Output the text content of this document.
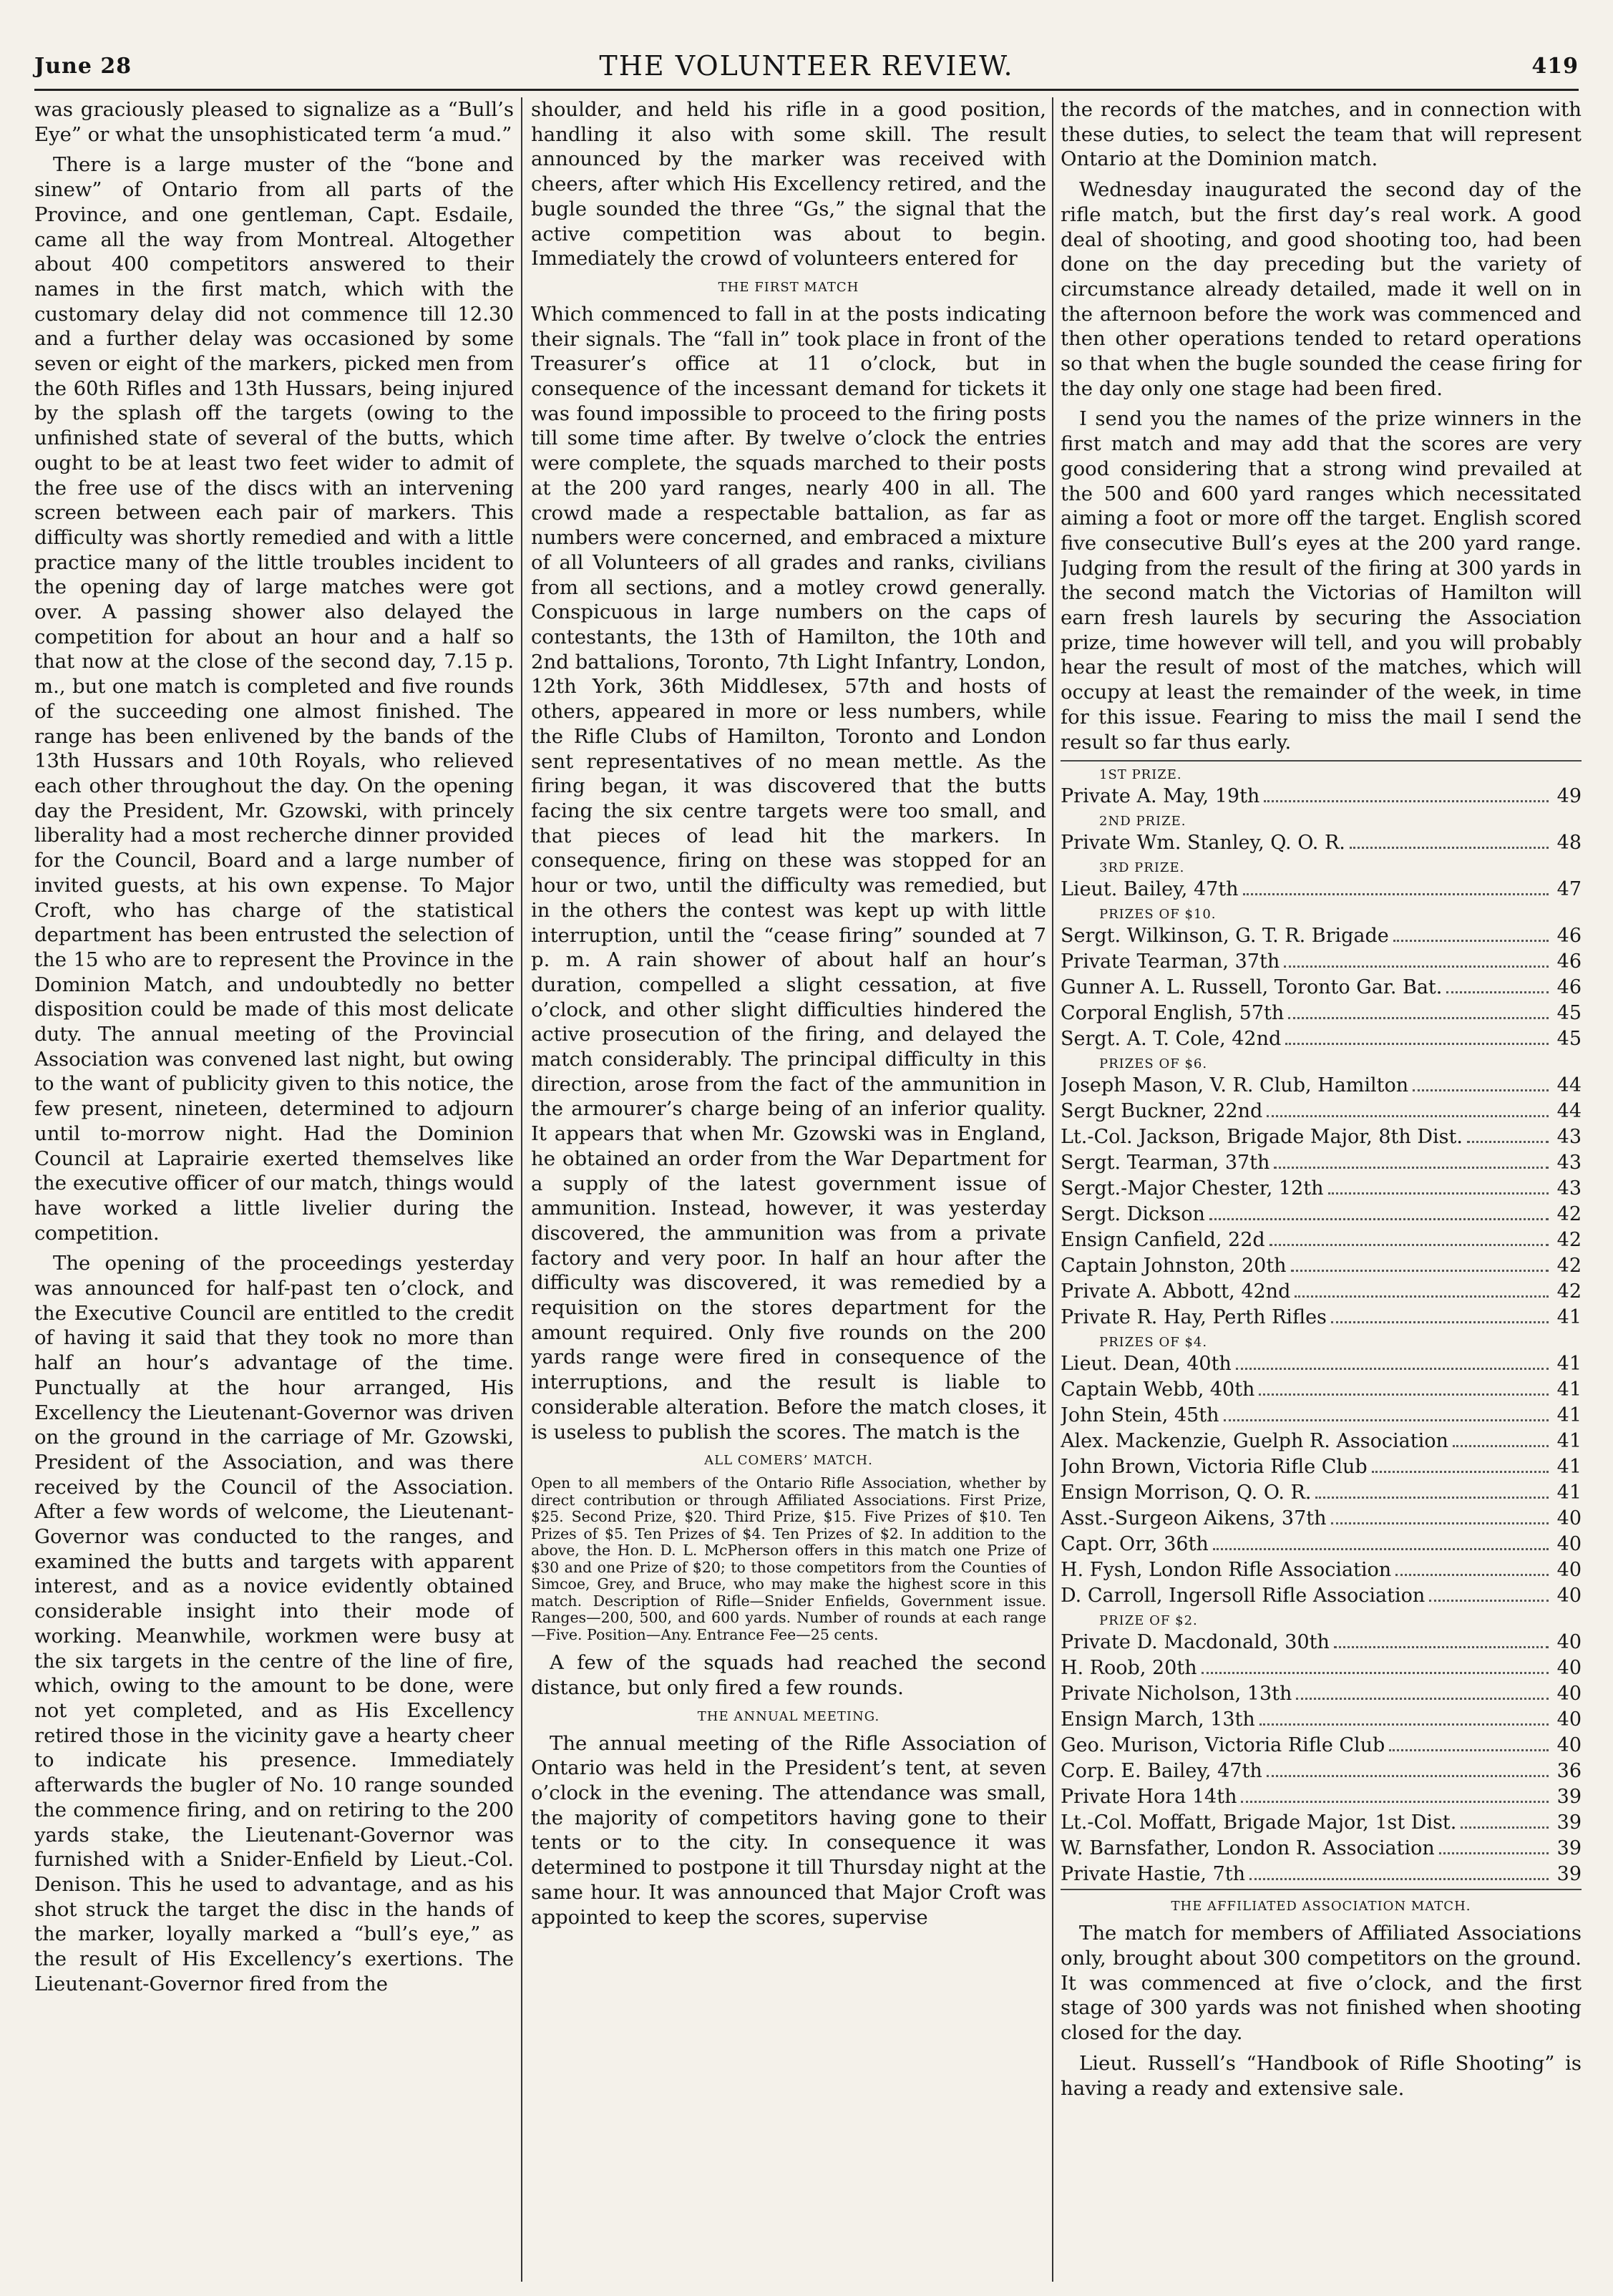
June 28	THE VOLUNTEER REVIEW.	419

was graciously pleased to signalize as a “Bull’s Eye” or what the unsophisticated term ‘a mud.”

There is a large muster of the “bone and sinew” of Ontario from all parts of the Province, and one gentleman, Capt. Esdaile, came all the way from Montreal. Altogether about 400 competitors answered to their names in the first match, which with the customary delay did not commence till 12.30 and a further delay was occasioned by some seven or eight of the markers, picked men from the 60th Rifles and 13th Hussars, being injured by the splash off the targets (owing to the unfinished state of several of the butts, which ought to be at least two feet wider to admit of the free use of the discs with an intervening screen between each pair of markers. This difficulty was shortly remedied and with a little practice many of the little troubles incident to the opening day of large matches were got over. A passing shower also delayed the competition for about an hour and a half so that now at the close of the second day, 7.15 p. m., but one match is completed and five rounds of the succeeding one almost finished. The range has been enlivened by the bands of the 13th Hussars and 10th Royals, who relieved each other throughout the day. On the opening day the President, Mr. Gzowski, with princely liberality had a most recherche dinner provided for the Council, Board and a large number of invited guests, at his own expense. To Major Croft, who has charge of the statistical department has been entrusted the selection of the 15 who are to represent the Province in the Dominion Match, and undoubtedly no better disposition could be made of this most delicate duty. The annual meeting of the Provincial Association was convened last night, but owing to the want of publicity given to this notice, the few present, nineteen, determined to adjourn until to-morrow night. Had the Dominion Council at Laprairie exerted themselves like the executive officer of our match, things would have worked a little livelier during the competition.

The opening of the proceedings yesterday was announced for half-past ten o’clock, and the Executive Council are entitled to the credit of having it said that they took no more than half an hour’s advantage of the time. Punctually at the hour arranged, His Excellency the Lieutenant-Governor was driven on the ground in the carriage of Mr. Gzowski, President of the Association, and was there received by the Council of the Association. After a few words of welcome, the Lieutenant-Governor was conducted to the ranges, and examined the butts and targets with apparent interest, and as a novice evidently obtained considerable insight into their mode of working. Meanwhile, workmen were busy at the six targets in the centre of the line of fire, which, owing to the amount to be done, were not yet completed, and as His Excellency retired those in the vicinity gave a hearty cheer to indicate his presence. Immediately afterwards the bugler of No. 10 range sounded the commence firing, and on retiring to the 200 yards stake, the Lieutenant-Governor was furnished with a Snider-Enfield by Lieut.-Col. Denison. This he used to advantage, and as his shot struck the target the disc in the hands of the marker, loyally marked a “bull’s eye,” as the result of His Excellency’s exertions. The Lieutenant-Governor fired from the

shoulder, and held his rifle in a good position, handling it also with some skill. The result announced by the marker was received with cheers, after which His Excellency retired, and the bugle sounded the three “Gs,” the signal that the active competition was about to begin. Immediately the crowd of volunteers entered for

THE FIRST MATCH

Which commenced to fall in at the posts indicating their signals. The “fall in” took place in front of the Treasurer’s office at 11 o’clock, but in consequence of the incessant demand for tickets it was found impossible to proceed to the firing posts till some time after. By twelve o’clock the entries were complete, the squads marched to their posts at the 200 yard ranges, nearly 400 in all. The crowd made a respectable battalion, as far as numbers were concerned, and embraced a mixture of all Volunteers of all grades and ranks, civilians from all sections, and a motley crowd generally. Conspicuous in large numbers on the caps of contestants, the 13th of Hamilton, the 10th and 2nd battalions, Toronto, 7th Light Infantry, London, 12th York, 36th Middlesex, 57th and hosts of others, appeared in more or less numbers, while the Rifle Clubs of Hamilton, Toronto and London sent representatives of no mean mettle. As the firing began, it was discovered that the butts facing the six centre targets were too small, and that pieces of lead hit the markers. In consequence, firing on these was stopped for an hour or two, until the difficulty was remedied, but in the others the contest was kept up with little interruption, until the “cease firing” sounded at 7 p. m. A rain shower of about half an hour’s duration, compelled a slight cessation, at five o’clock, and other slight difficulties hindered the active prosecution of the firing, and delayed the match considerably. The principal difficulty in this direction, arose from the fact of the ammunition in the armourer’s charge being of an inferior quality. It appears that when Mr. Gzowski was in England, he obtained an order from the War Department for a supply of the latest government issue of ammunition. Instead, however, it was yesterday discovered, the ammunition was from a private factory and very poor. In half an hour after the difficulty was discovered, it was remedied by a requisition on the stores department for the amount required. Only five rounds on the 200 yards range were fired in consequence of the interruptions, and the result is liable to considerable alteration. Before the match closes, it is useless to publish the scores. The match is the

ALL COMERS’ MATCH.
Open to all members of the Ontario Rifle Association, whether by direct contribution or through Affiliated Associations. First Prize, $25. Second Prize, $20. Third Prize, $15. Five Prizes of $10. Ten Prizes of $5. Ten Prizes of $4. Ten Prizes of $2. In addition to the above, the Hon. D. L. McPherson offers in this match one Prize of $30 and one Prize of $20; to those competitors from the Counties of Simcoe, Grey, and Bruce, who may make the highest score in this match. Description of Rifle—Snider Enfields, Government issue. Ranges—200, 500, and 600 yards. Number of rounds at each range—Five. Position—Any. Entrance Fee—25 cents.

A few of the squads had reached the second distance, but only fired a few rounds.

THE ANNUAL MEETING.

The annual meeting of the Rifle Association of Ontario was held in the President’s tent, at seven o’clock in the evening. The attendance was small, the majority of competitors having gone to their tents or to the city. In consequence it was determined to postpone it till Thursday night at the same hour. It was announced that Major Croft was appointed to keep the scores, supervise

the records of the matches, and in connection with these duties, to select the team that will represent Ontario at the Dominion match.

Wednesday inaugurated the second day of the rifle match, but the first day’s real work. A good deal of shooting, and good shooting too, had been done on the day preceding but the variety of circumstance already detailed, made it well on in the afternoon before the work was commenced and then other operations tended to retard operations so that when the bugle sounded the cease firing for the day only one stage had been fired.

I send you the names of the prize winners in the first match and may add that the scores are very good considering that a strong wind prevailed at the 500 and 600 yard ranges which necessitated aiming a foot or more off the target. English scored five consecutive Bull’s eyes at the 200 yard range. Judging from the result of the firing at 300 yards in the second match the Victorias of Hamilton will earn fresh laurels by securing the Association prize, time however will tell, and you will probably hear the result of most of the matches, which will occupy at least the remainder of the week, in time for this issue. Fearing to miss the mail I send the result so far thus early.

1ST PRIZE.
Private A. May, 19th	49
2ND PRIZE.
Private Wm. Stanley, Q. O. R.	48
3RD PRIZE.
Lieut. Bailey, 47th	47
PRIZES OF $10.
Sergt. Wilkinson, G. T. R. Brigade	46
Private Tearman, 37th	46
Gunner A. L. Russell, Toronto Gar. Bat.	46
Corporal English, 57th	45
Sergt. A. T. Cole, 42nd	45
PRIZES OF $6.
Joseph Mason, V. R. Club, Hamilton	44
Sergt Buckner, 22nd	44
Lt.-Col. Jackson, Brigade Major, 8th Dist.	43
Sergt. Tearman, 37th	43
Sergt.-Major Chester, 12th	43
Sergt. Dickson	42
Ensign Canfield, 22d	42
Captain Johnston, 20th	42
Private A. Abbott, 42nd	42
Private R. Hay, Perth Rifles	41
PRIZES OF $4.
Lieut. Dean, 40th	41
Captain Webb, 40th	41
John Stein, 45th	41
Alex. Mackenzie, Guelph R. Association	41
John Brown, Victoria Rifle Club	41
Ensign Morrison, Q. O. R.	41
Asst.-Surgeon Aikens, 37th	40
Capt. Orr, 36th	40
H. Fysh, London Rifle Association	40
D. Carroll, Ingersoll Rifle Association	40
PRIZE OF $2.
Private D. Macdonald, 30th	40
H. Roob, 20th	40
Private Nicholson, 13th	40
Ensign March, 13th	40
Geo. Murison, Victoria Rifle Club	40
Corp. E. Bailey, 47th	36
Private Hora 14th	39
Lt.-Col. Moffatt, Brigade Major, 1st Dist.	39
W. Barnsfather, London R. Association	39
Private Hastie, 7th	39
THE AFFILIATED ASSOCIATION MATCH.

The match for members of Affiliated Associations only, brought about 300 competitors on the ground. It was commenced at five o’clock, and the first stage of 300 yards was not finished when shooting closed for the day.

Lieut. Russell’s “Handbook of Rifle Shooting” is having a ready and extensive sale.
